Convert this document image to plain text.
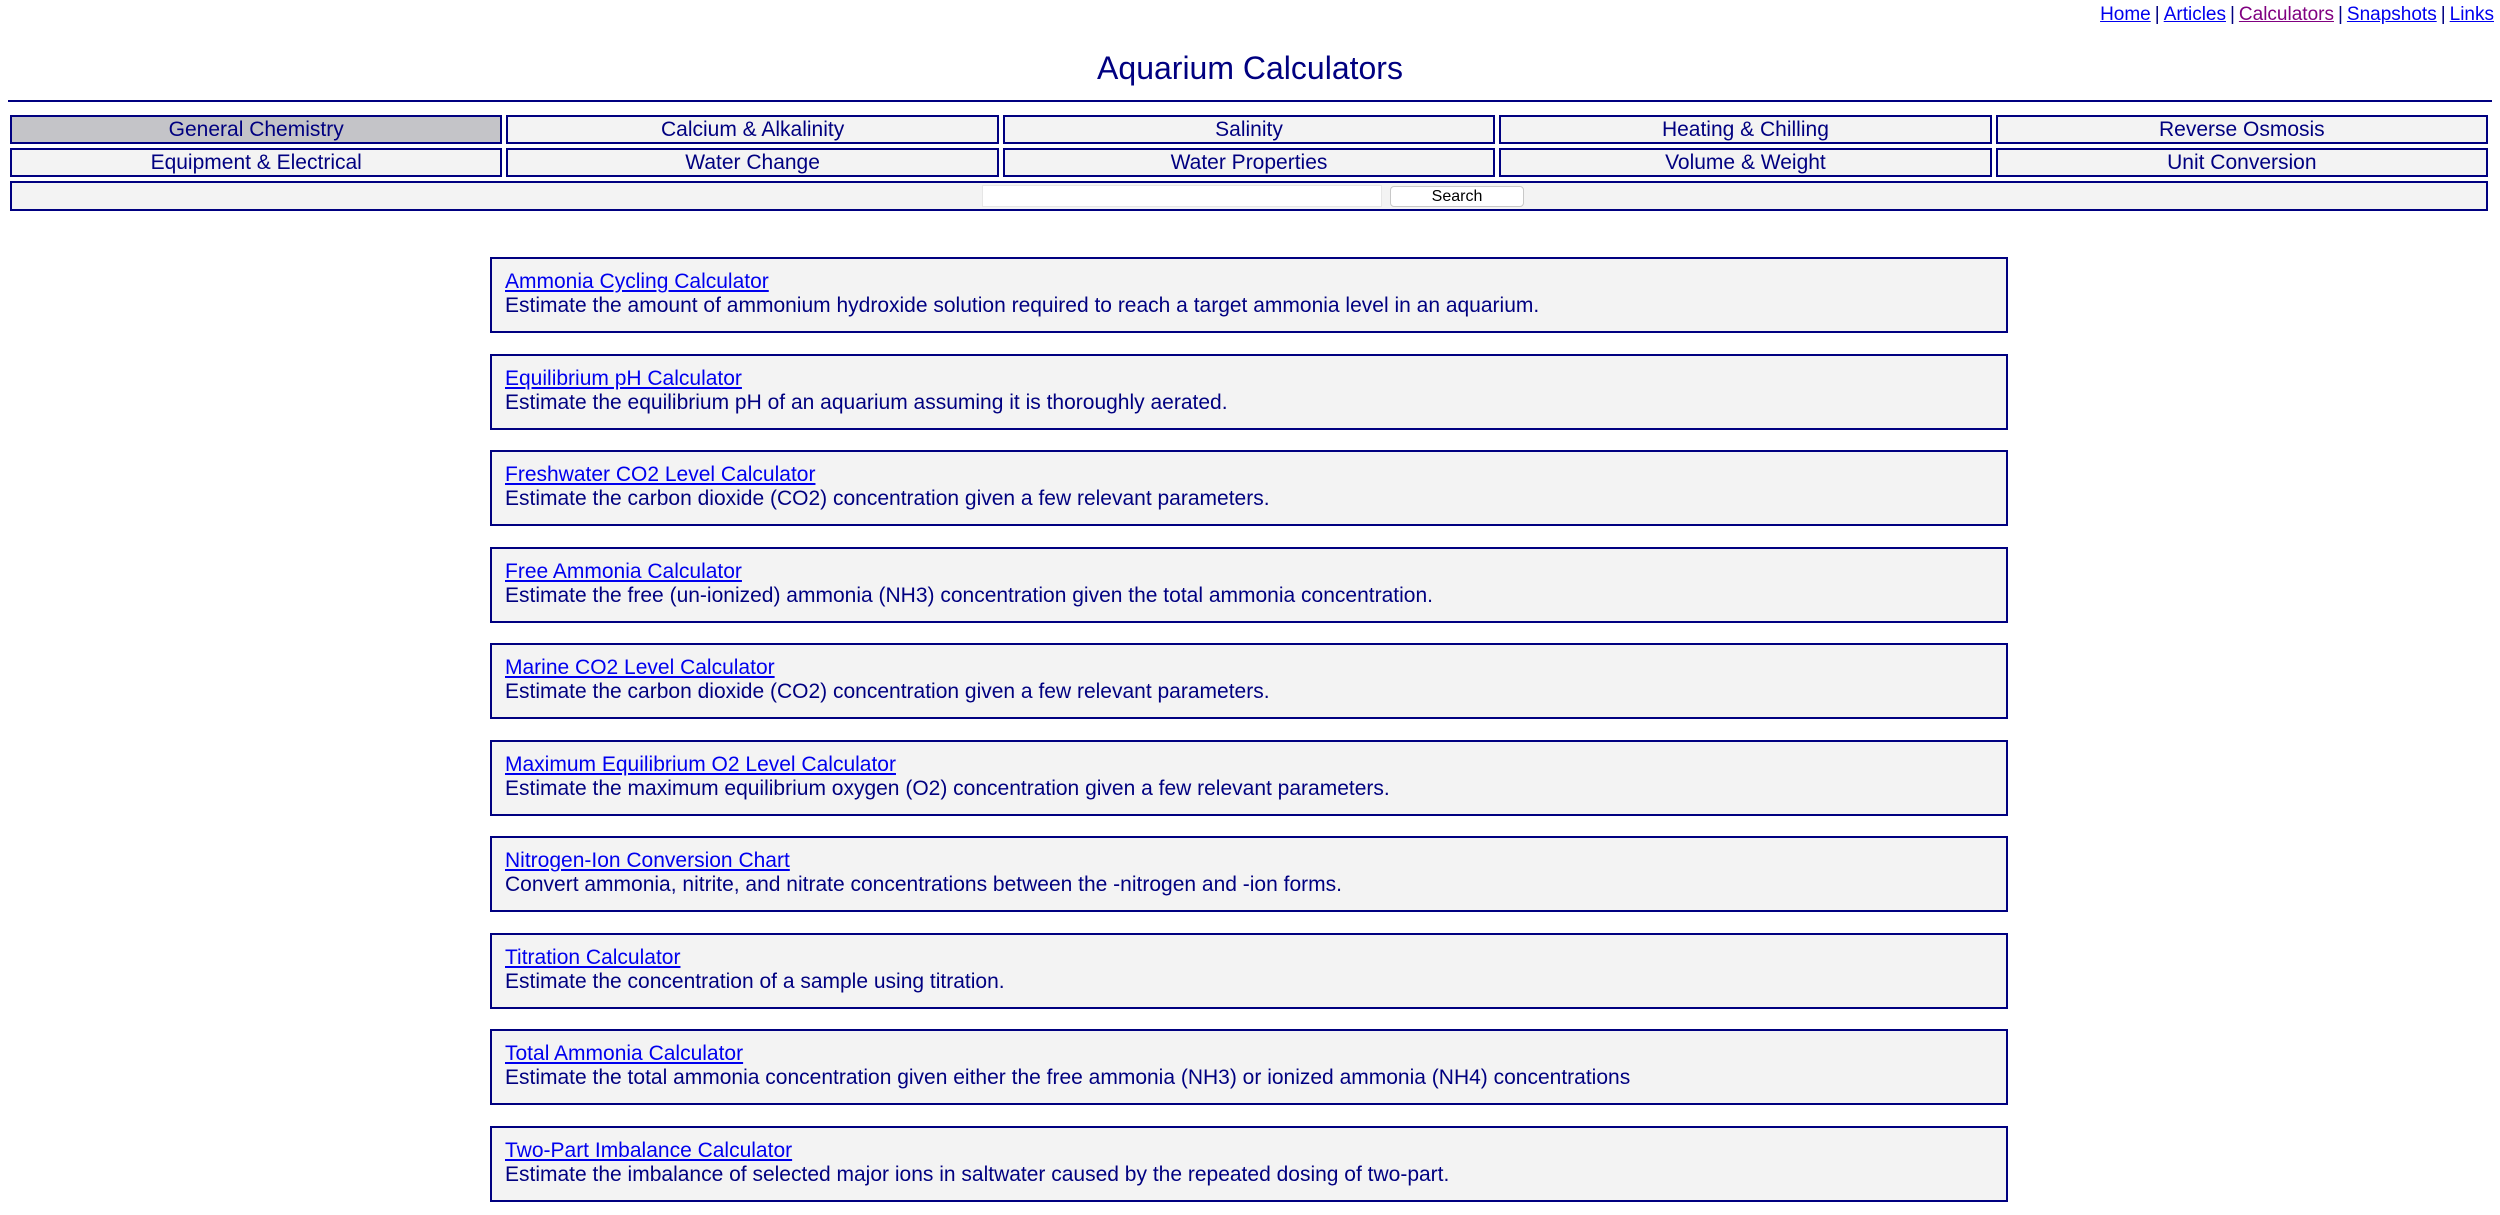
Home | Articles | Calculators | Snapshots | Links
Aquarium Calculators
General Chemistry	Calcium & Alkalinity	Salinity	Heating & Chilling	Reverse Osmosis
Equipment & Electrical	Water Change	Water Properties	Volume & Weight	Unit Conversion
Search
Ammonia Cycling Calculator
Estimate the amount of ammonium hydroxide solution required to reach a target ammonia level in an aquarium.
Equilibrium pH Calculator
Estimate the equilibrium pH of an aquarium assuming it is thoroughly aerated.
Freshwater CO2 Level Calculator
Estimate the carbon dioxide (CO2) concentration given a few relevant parameters.
Free Ammonia Calculator
Estimate the free (un-ionized) ammonia (NH3) concentration given the total ammonia concentration.
Marine CO2 Level Calculator
Estimate the carbon dioxide (CO2) concentration given a few relevant parameters.
Maximum Equilibrium O2 Level Calculator
Estimate the maximum equilibrium oxygen (O2) concentration given a few relevant parameters.
Nitrogen-Ion Conversion Chart
Convert ammonia, nitrite, and nitrate concentrations between the -nitrogen and -ion forms.
Titration Calculator
Estimate the concentration of a sample using titration.
Total Ammonia Calculator
Estimate the total ammonia concentration given either the free ammonia (NH3) or ionized ammonia (NH4) concentrations
Two-Part Imbalance Calculator
Estimate the imbalance of selected major ions in saltwater caused by the repeated dosing of two-part.
